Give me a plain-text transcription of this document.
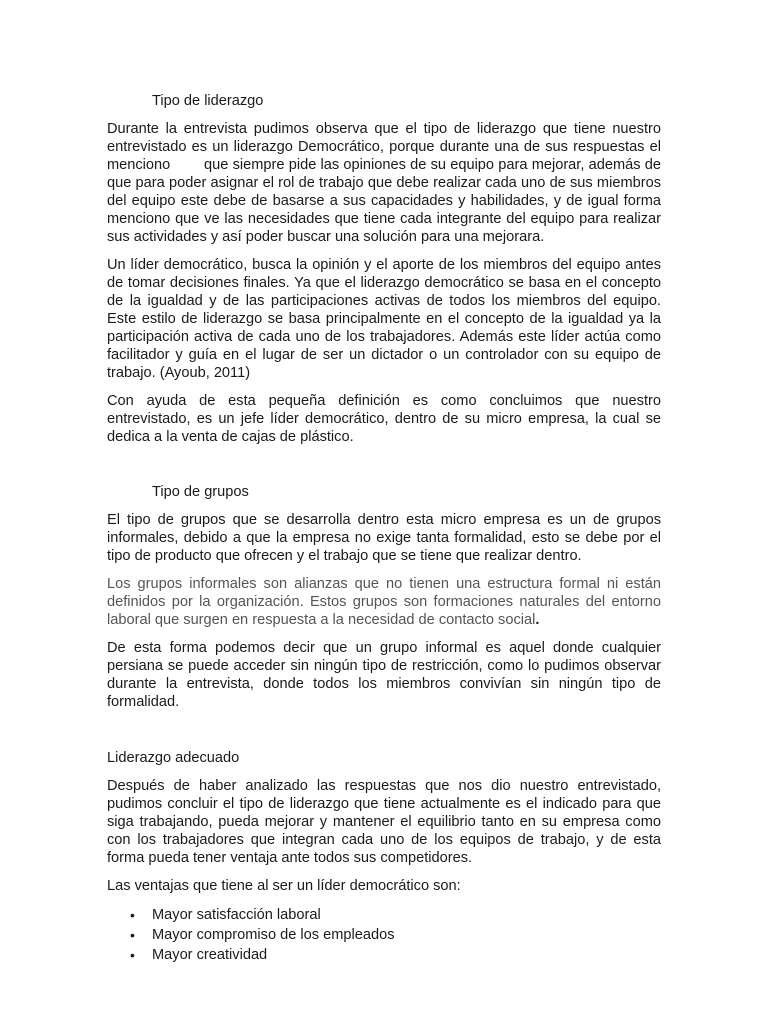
Tipo de liderazgo

Durante la entrevista pudimos observa que el tipo de liderazgo que tiene nuestro entrevistado es un liderazgo Democrático, porque durante una de sus respuestas el menciono        que siempre pide las opiniones de su equipo para mejorar, además de que para poder asignar el rol de trabajo que debe realizar cada uno de sus miembros del equipo este debe de basarse a sus capacidades y habilidades, y de igual forma menciono que ve las necesidades que tiene cada integrante del equipo para realizar sus actividades y así poder buscar una solución para una mejorara.

Un líder democrático, busca la opinión y el aporte de los miembros del equipo antes de tomar decisiones finales. Ya que el liderazgo democrático se basa en el concepto de la igualdad y de las participaciones activas de todos los miembros del equipo. Este estilo de liderazgo se basa principalmente en el concepto de la igualdad ya la participación activa de cada uno de los trabajadores. Además este líder actúa como facilitador y guía en el lugar de ser un dictador o un controlador con su equipo de trabajo. (Ayoub, 2011)

Con ayuda de esta pequeña definición es como concluimos que nuestro entrevistado, es un jefe líder democrático, dentro de su micro empresa, la cual se dedica a la venta de cajas de plástico.

Tipo de grupos

El tipo de grupos que se desarrolla dentro esta micro empresa es un de grupos informales, debido a que la empresa no exige tanta formalidad, esto se debe por el tipo de producto que ofrecen y el trabajo que se tiene que realizar dentro.

Los grupos informales son alianzas que no tienen una estructura formal ni están definidos por la organización. Estos grupos son formaciones naturales del entorno laboral que surgen en respuesta a la necesidad de contacto social.

De esta forma podemos decir que un grupo informal es aquel donde cualquier persiana se puede acceder sin ningún tipo de restricción, como lo pudimos observar durante la entrevista, donde todos los miembros convivían sin ningún tipo de formalidad.

Liderazgo adecuado

Después de haber analizado las respuestas que nos dio nuestro entrevistado, pudimos concluir el tipo de liderazgo que tiene actualmente es el indicado para que siga trabajando, pueda mejorar y mantener el equilibrio tanto en su empresa como con los trabajadores que integran cada uno de los equipos de trabajo, y de esta forma pueda tener ventaja ante todos sus competidores.

Las ventajas que tiene al ser un líder democrático son:

• Mayor satisfacción laboral
• Mayor compromiso de los empleados
• Mayor creatividad
